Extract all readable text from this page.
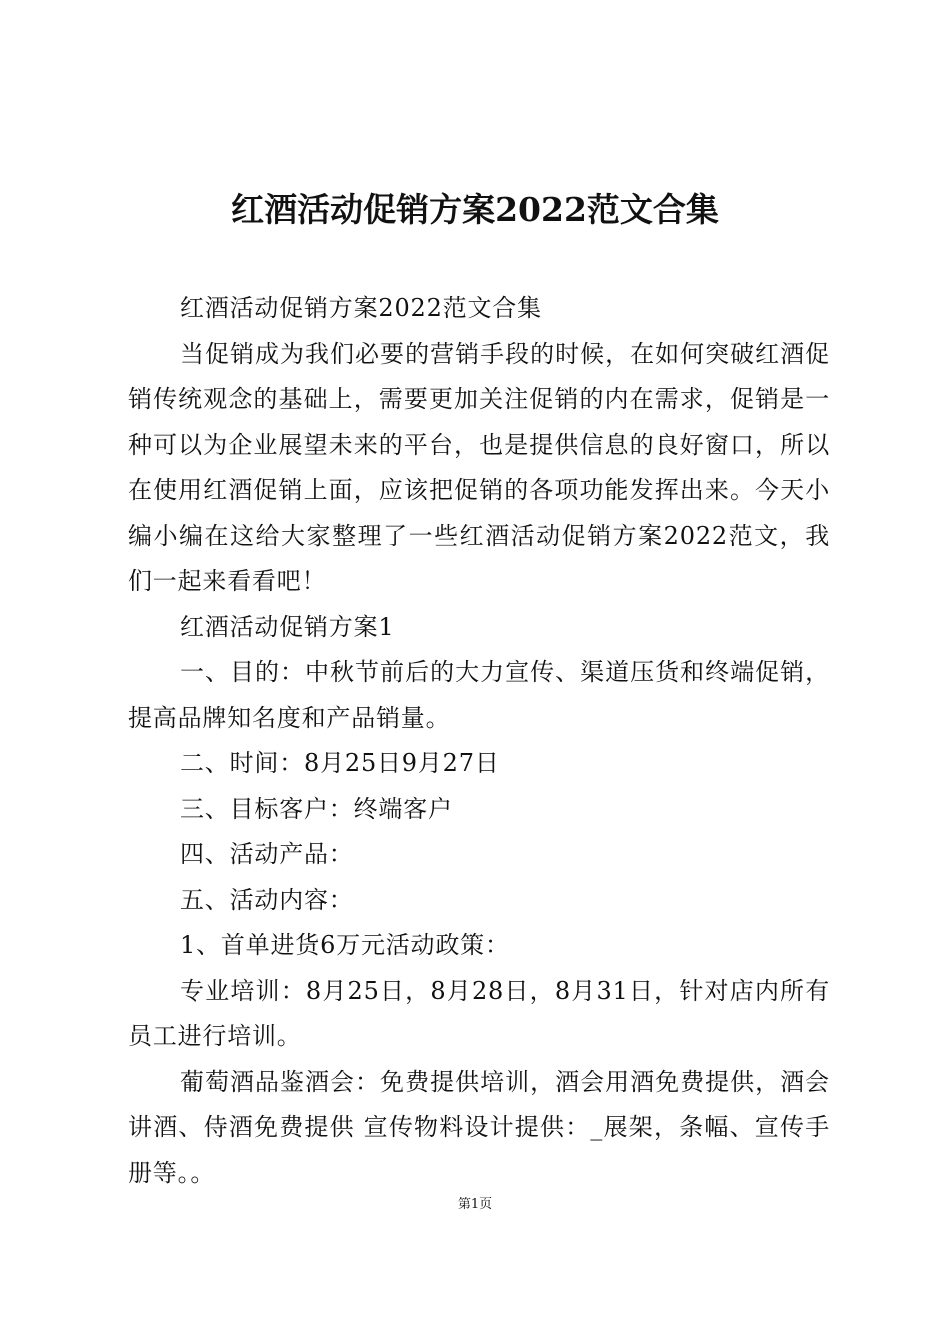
红酒活动促销方案2022范文合集

红酒活动促销方案2022范文合集

当促销成为我们必要的营销手段的时候，在如何突破红酒促销传统观念的基础上，需要更加关注促销的内在需求，促销是一种可以为企业展望未来的平台，也是提供信息的良好窗口，所以在使用红酒促销上面，应该把促销的各项功能发挥出来。今天小编小编在这给大家整理了一些红酒活动促销方案2022范文，我们一起来看看吧！

红酒活动促销方案1

一、目的：中秋节前后的大力宣传、渠道压货和终端促销，提高品牌知名度和产品销量。

二、时间：8月25日9月27日

三、目标客户：终端客户

四、活动产品：

五、活动内容：

1、首单进货6万元活动政策：

专业培训：8月25日，8月28日，8月31日，针对店内所有员工进行培训。

葡萄酒品鉴酒会：免费提供培训，酒会用酒免费提供，酒会讲酒、侍酒免费提供 宣传物料设计提供：_展架，条幅、宣传手册等。。

第1页
